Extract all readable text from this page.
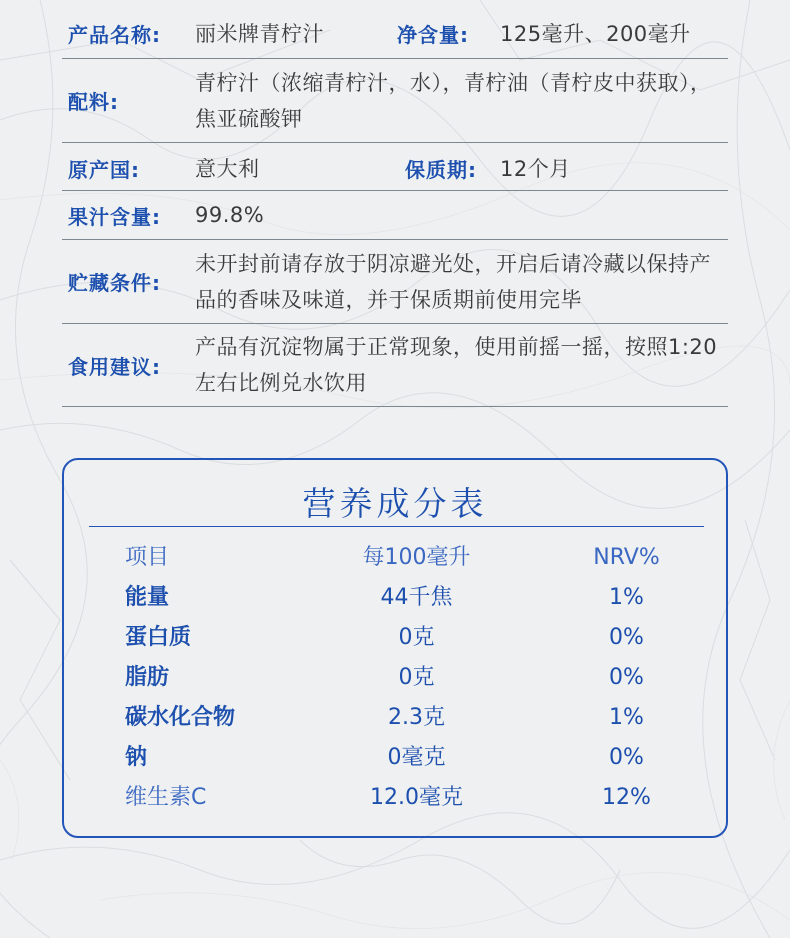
产品名称: 丽米牌青柠汁	净含量: 125毫升、200毫升
配料:
青柠汁（浓缩青柠汁，水），青柠油（青柠皮中获取），焦亚硫酸钾
原产国:	意大利	保质期: 12个月
果汁含量:	99.8%
贮藏条件:
未开封前请存放于阴凉避光处，开启后请冷藏以保持产品的香味及味道，并于保质期前使用完毕
食用建议:
产品有沉淀物属于正常现象，使用前摇一摇，按照1:20左右比例兑水饮用
营养成分表
项目	每100毫升	NRV%
能量	44千焦	1%
蛋白质	0克	0%
脂肪	0克	0%
碳水化合物	2.3克	1%
钠	0毫克	0%
维生素C	12.0毫克	12%
